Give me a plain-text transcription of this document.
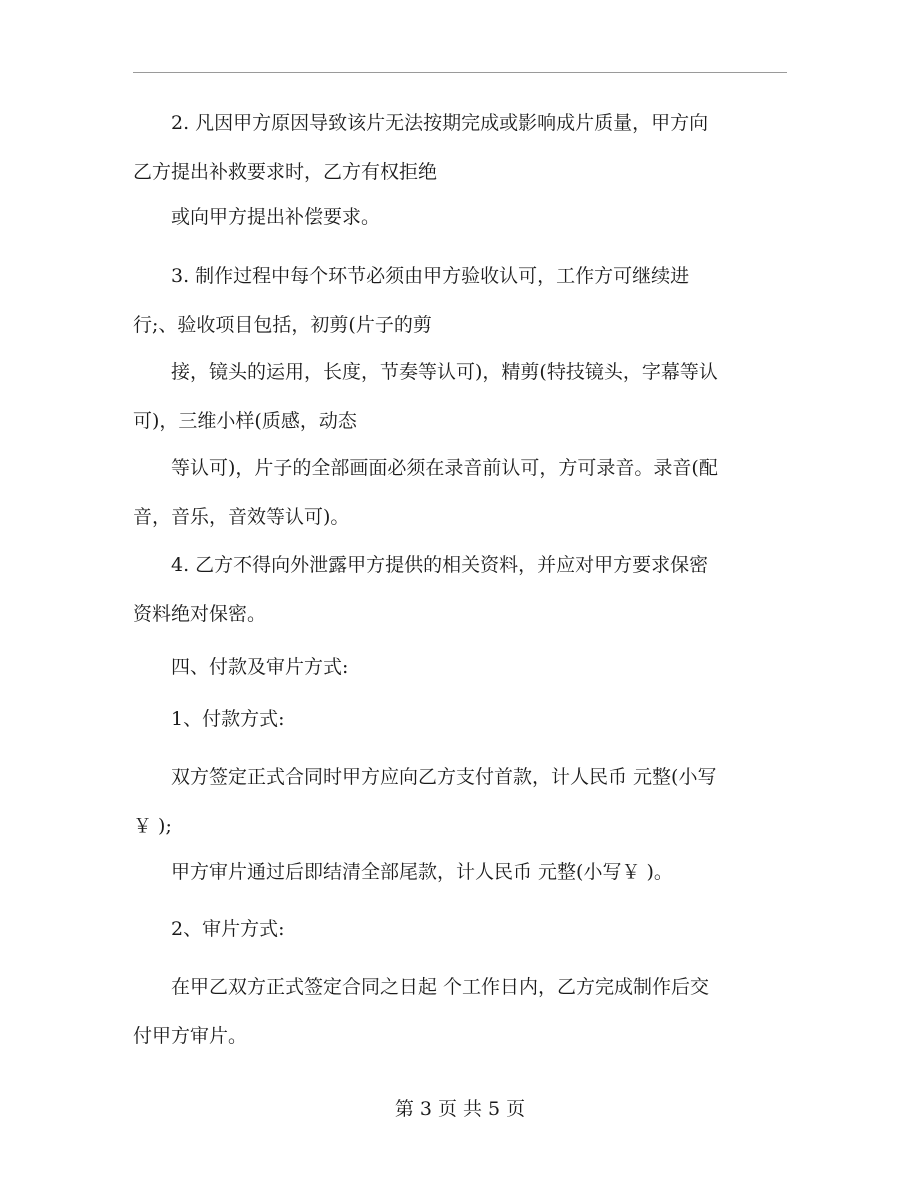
　　2. 凡因甲方原因导致该片无法按期完成或影响成片质量，甲方向
乙方提出补救要求时，乙方有权拒绝

　　或向甲方提出补偿要求。

　　3. 制作过程中每个环节必须由甲方验收认可，工作方可继续进
行;、验收项目包括，初剪(片子的剪

　　接，镜头的运用，长度，节奏等认可)，精剪(特技镜头，字幕等认
可)，三维小样(质感，动态

　　等认可)，片子的全部画面必须在录音前认可，方可录音。录音(配
音，音乐，音效等认可)。

　　4. 乙方不得向外泄露甲方提供的相关资料，并应对甲方要求保密
资料绝对保密。

　　四、付款及审片方式:

　　1、付款方式:

　　双方签定正式合同时甲方应向乙方支付首款，计人民币 元整(小写
￥ );

　　甲方审片通过后即结清全部尾款，计人民币 元整(小写￥ )。

　　2、审片方式:

　　在甲乙双方正式签定合同之日起 个工作日内，乙方完成制作后交
付甲方审片。

第 3 页 共 5 页
